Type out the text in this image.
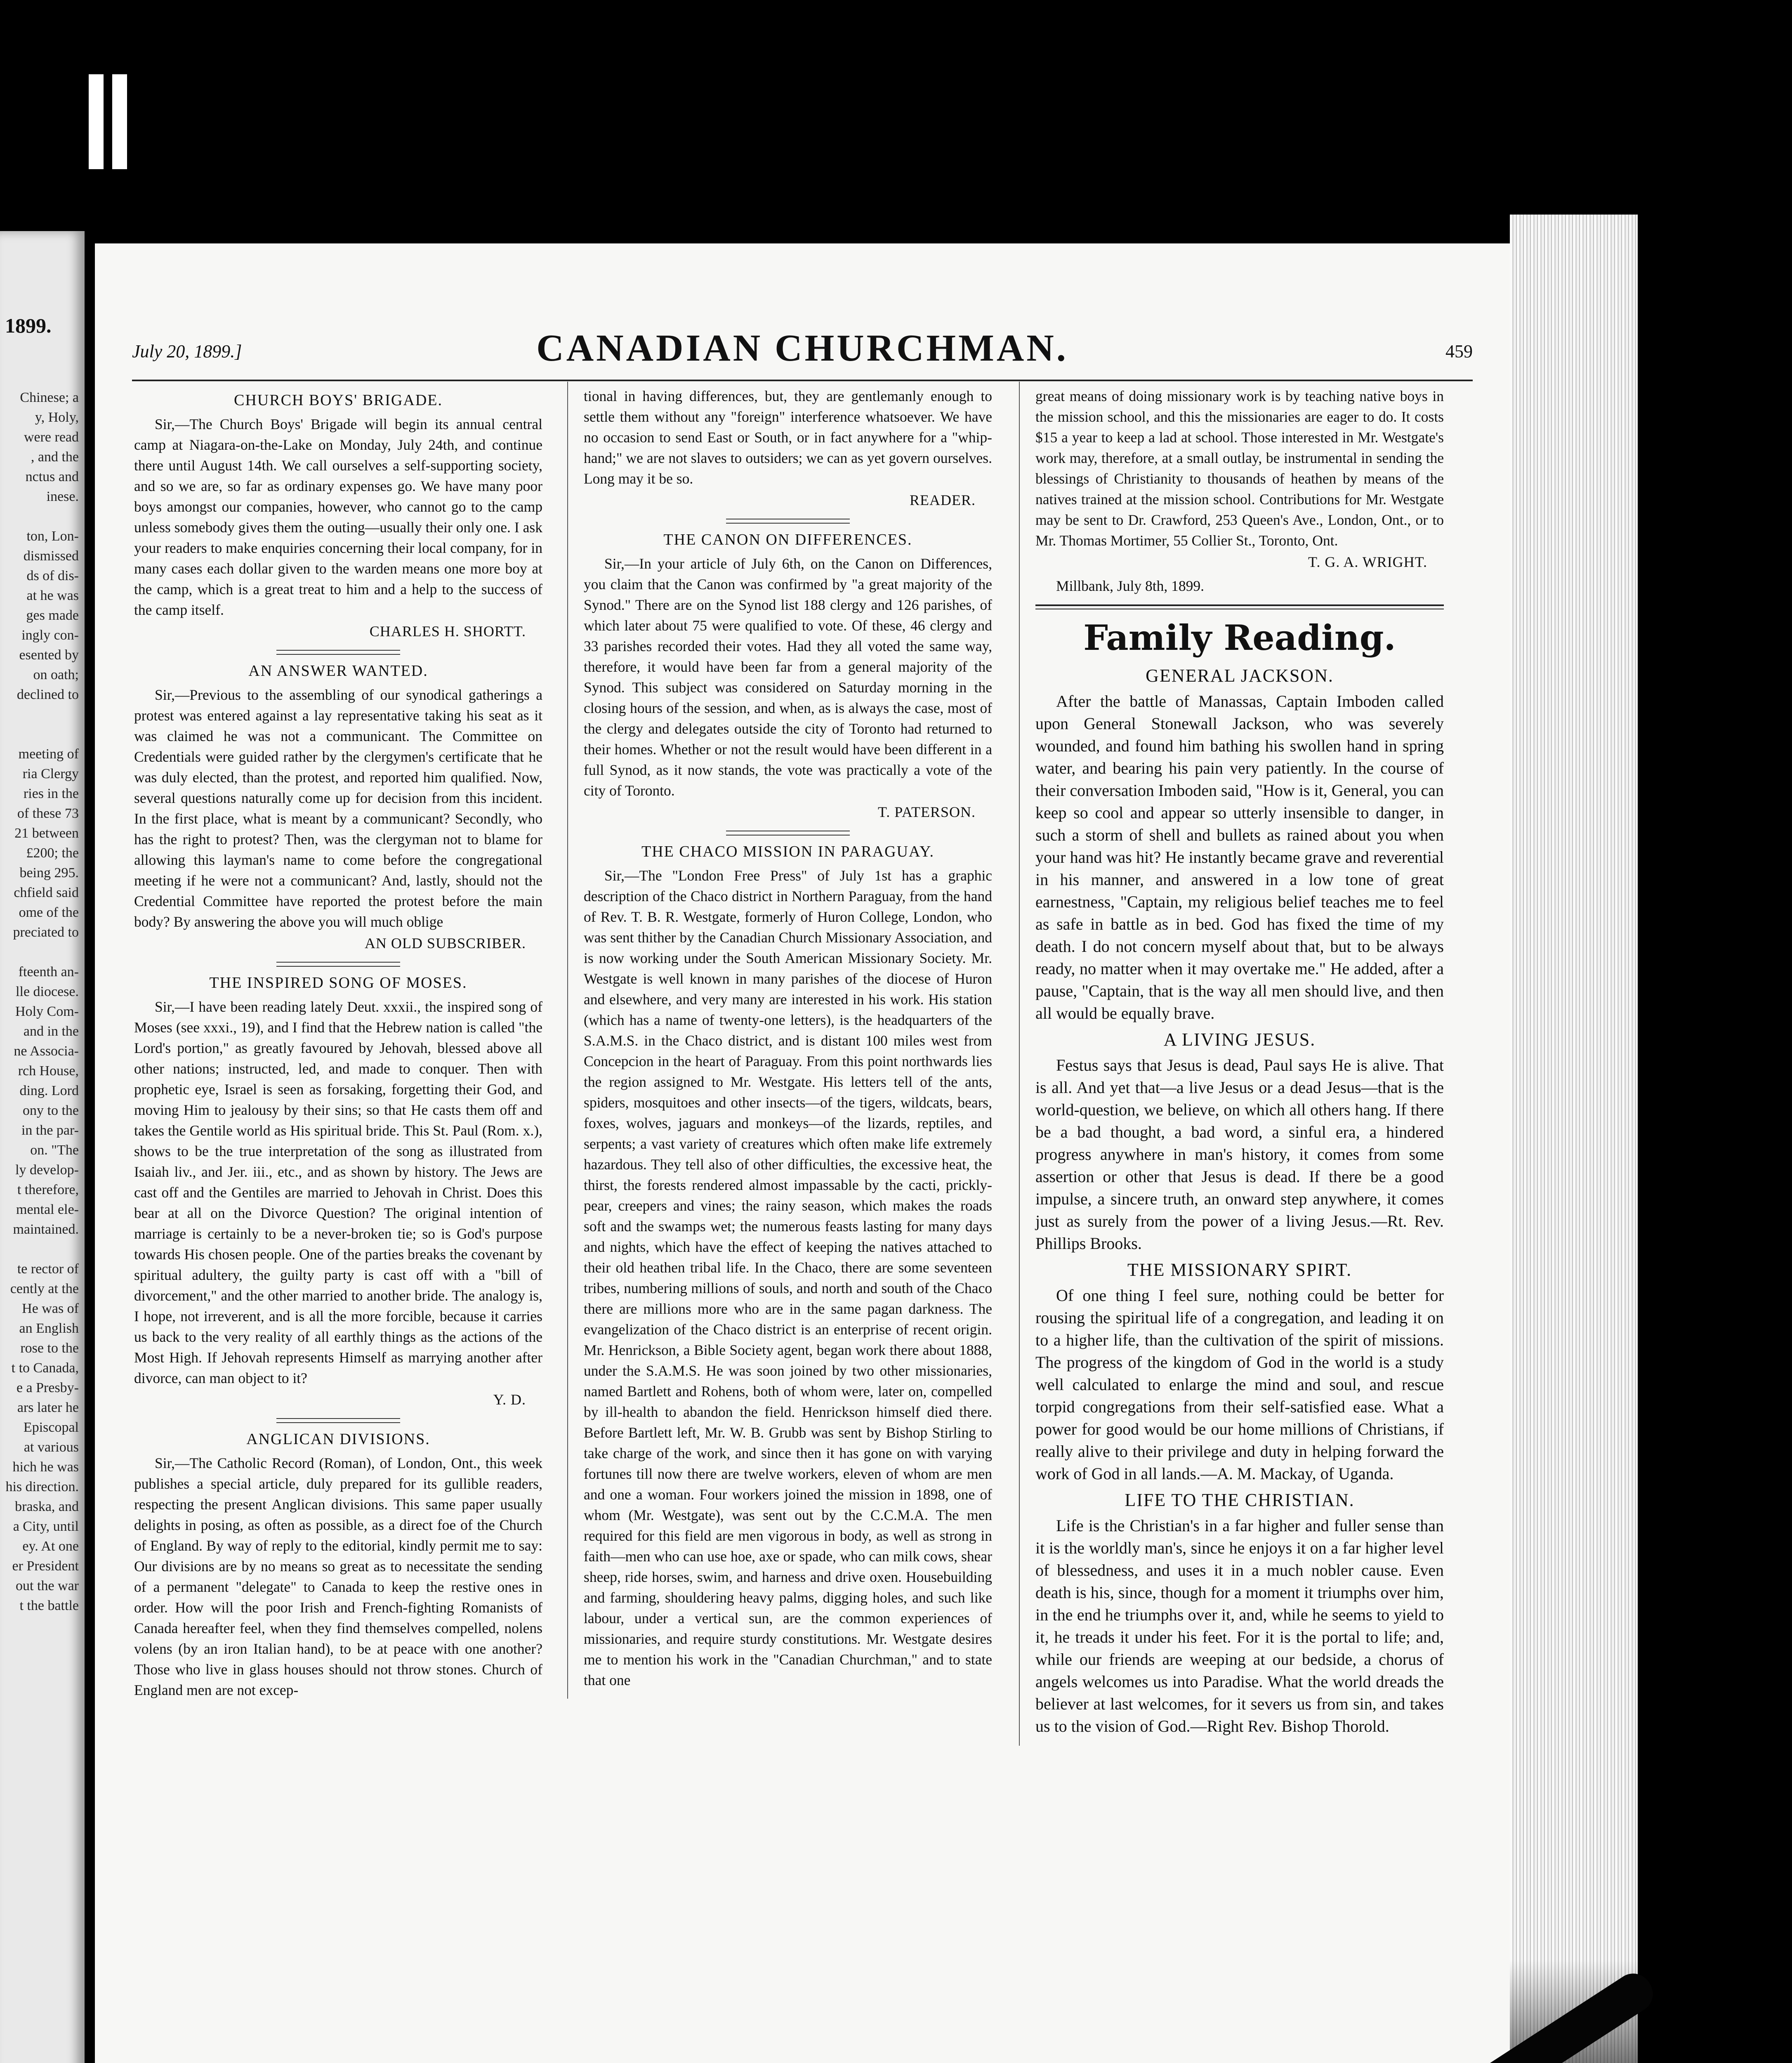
1899.
Chinese; a
y, Holy,
were read
, and the
nctus and
inese.

ton, Lon-
dismissed
ds of dis-
at he was
ges made
ingly con-
esented by
on oath;
declined to

meeting of
ria Clergy
ries in the
of these 73
21 between
£200; the
being 295.
chfield said
ome of the
preciated to

fteenth an-
lle diocese.
Holy Com-
and in the
ne Associa-
rch House,
ding. Lord
ony to the
in the par-
on. "The
ly develop-
t therefore,
mental ele-
maintained.

te rector of
cently at the
He was of
an English
rose to the
t to Canada,
e a Presby-
ars later he
Episcopal
at various
hich he was
his direction.
braska, and
a City, until
ey. At one
er President
out the war
t the battle
July 20, 1899.]	CANADIAN CHURCHMAN.	459
CHURCH BOYS' BRIGADE.

Sir,—The Church Boys' Brigade will begin its annual central camp at Niagara-on-the-Lake on Monday, July 24th, and continue there until August 14th. We call ourselves a self-supporting society, and so we are, so far as ordinary expenses go. We have many poor boys amongst our companies, however, who cannot go to the camp unless somebody gives them the outing—usually their only one. I ask your readers to make enquiries concerning their local company, for in many cases each dollar given to the warden means one more boy at the camp, which is a great treat to him and a help to the success of the camp itself.

CHARLES H. SHORTT.
AN ANSWER WANTED.

Sir,—Previous to the assembling of our synodical gatherings a protest was entered against a lay representative taking his seat as it was claimed he was not a communicant. The Committee on Credentials were guided rather by the clergymen's certificate that he was duly elected, than the protest, and reported him qualified. Now, several questions naturally come up for decision from this incident. In the first place, what is meant by a communicant? Secondly, who has the right to protest? Then, was the clergyman not to blame for allowing this layman's name to come before the congregational meeting if he were not a communicant? And, lastly, should not the Credential Committee have reported the protest before the main body? By answering the above you will much oblige

AN OLD SUBSCRIBER.
THE INSPIRED SONG OF MOSES.

Sir,—I have been reading lately Deut. xxxii., the inspired song of Moses (see xxxi., 19), and I find that the Hebrew nation is called "the Lord's portion," as greatly favoured by Jehovah, blessed above all other nations; instructed, led, and made to conquer. Then with prophetic eye, Israel is seen as forsaking, forgetting their God, and moving Him to jealousy by their sins; so that He casts them off and takes the Gentile world as His spiritual bride. This St. Paul (Rom. x.), shows to be the true interpretation of the song as illustrated from Isaiah liv., and Jer. iii., etc., and as shown by history. The Jews are cast off and the Gentiles are married to Jehovah in Christ. Does this bear at all on the Divorce Question? The original intention of marriage is certainly to be a never-broken tie; so is God's purpose towards His chosen people. One of the parties breaks the covenant by spiritual adultery, the guilty party is cast off with a "bill of divorcement," and the other married to another bride. The analogy is, I hope, not irreverent, and is all the more forcible, because it carries us back to the very reality of all earthly things as the actions of the Most High. If Jehovah represents Himself as marrying another after divorce, can man object to it?

Y. D.
ANGLICAN DIVISIONS.

Sir,—The Catholic Record (Roman), of London, Ont., this week publishes a special article, duly prepared for its gullible readers, respecting the present Anglican divisions. This same paper usually delights in posing, as often as possible, as a direct foe of the Church of England. By way of reply to the editorial, kindly permit me to say: Our divisions are by no means so great as to necessitate the sending of a permanent "delegate" to Canada to keep the restive ones in order. How will the poor Irish and French-fighting Romanists of Canada hereafter feel, when they find themselves compelled, nolens volens (by an iron Italian hand), to be at peace with one another? Those who live in glass houses should not throw stones. Church of England men are not excep-

tional in having differences, but, they are gentlemanly enough to settle them without any "foreign" interference whatsoever. We have no occasion to send East or South, or in fact anywhere for a "whip-hand;" we are not slaves to outsiders; we can as yet govern ourselves. Long may it be so.

READER.
THE CANON ON DIFFERENCES.

Sir,—In your article of July 6th, on the Canon on Differences, you claim that the Canon was confirmed by "a great majority of the Synod." There are on the Synod list 188 clergy and 126 parishes, of which later about 75 were qualified to vote. Of these, 46 clergy and 33 parishes recorded their votes. Had they all voted the same way, therefore, it would have been far from a general majority of the Synod. This subject was considered on Saturday morning in the closing hours of the session, and when, as is always the case, most of the clergy and delegates outside the city of Toronto had returned to their homes. Whether or not the result would have been different in a full Synod, as it now stands, the vote was practically a vote of the city of Toronto.

T. PATERSON.
THE CHACO MISSION IN PARAGUAY.

Sir,—The "London Free Press" of July 1st has a graphic description of the Chaco district in Northern Paraguay, from the hand of Rev. T. B. R. Westgate, formerly of Huron College, London, who was sent thither by the Canadian Church Missionary Association, and is now working under the South American Missionary Society. Mr. Westgate is well known in many parishes of the diocese of Huron and elsewhere, and very many are interested in his work. His station (which has a name of twenty-one letters), is the headquarters of the S.A.M.S. in the Chaco district, and is distant 100 miles west from Concepcion in the heart of Paraguay. From this point northwards lies the region assigned to Mr. Westgate. His letters tell of the ants, spiders, mosquitoes and other insects—of the tigers, wildcats, bears, foxes, wolves, jaguars and monkeys—of the lizards, reptiles, and serpents; a vast variety of creatures which often make life extremely hazardous. They tell also of other difficulties, the excessive heat, the thirst, the forests rendered almost impassable by the cacti, prickly-pear, creepers and vines; the rainy season, which makes the roads soft and the swamps wet; the numerous feasts lasting for many days and nights, which have the effect of keeping the natives attached to their old heathen tribal life. In the Chaco, there are some seventeen tribes, numbering millions of souls, and north and south of the Chaco there are millions more who are in the same pagan darkness. The evangelization of the Chaco district is an enterprise of recent origin. Mr. Henrickson, a Bible Society agent, began work there about 1888, under the S.A.M.S. He was soon joined by two other missionaries, named Bartlett and Rohens, both of whom were, later on, compelled by ill-health to abandon the field. Henrickson himself died there. Before Bartlett left, Mr. W. B. Grubb was sent by Bishop Stirling to take charge of the work, and since then it has gone on with varying fortunes till now there are twelve workers, eleven of whom are men and one a woman. Four workers joined the mission in 1898, one of whom (Mr. Westgate), was sent out by the C.C.M.A. The men required for this field are men vigorous in body, as well as strong in faith—men who can use hoe, axe or spade, who can milk cows, shear sheep, ride horses, swim, and harness and drive oxen. Housebuilding and farming, shouldering heavy palms, digging holes, and such like labour, under a vertical sun, are the common experiences of missionaries, and require sturdy constitutions. Mr. Westgate desires me to mention his work in the "Canadian Churchman," and to state that one

great means of doing missionary work is by teaching native boys in the mission school, and this the missionaries are eager to do. It costs $15 a year to keep a lad at school. Those interested in Mr. Westgate's work may, therefore, at a small outlay, be instrumental in sending the blessings of Christianity to thousands of heathen by means of the natives trained at the mission school. Contributions for Mr. Westgate may be sent to Dr. Crawford, 253 Queen's Ave., London, Ont., or to Mr. Thomas Mortimer, 55 Collier St., Toronto, Ont.

T. G. A. WRIGHT.
Millbank, July 8th, 1899.
Family Reading.
GENERAL JACKSON.

After the battle of Manassas, Captain Imboden called upon General Stonewall Jackson, who was severely wounded, and found him bathing his swollen hand in spring water, and bearing his pain very patiently. In the course of their conversation Imboden said, "How is it, General, you can keep so cool and appear so utterly insensible to danger, in such a storm of shell and bullets as rained about you when your hand was hit? He instantly became grave and reverential in his manner, and answered in a low tone of great earnestness, "Captain, my religious belief teaches me to feel as safe in battle as in bed. God has fixed the time of my death. I do not concern myself about that, but to be always ready, no matter when it may overtake me." He added, after a pause, "Captain, that is the way all men should live, and then all would be equally brave.

A LIVING JESUS.

Festus says that Jesus is dead, Paul says He is alive. That is all. And yet that—a live Jesus or a dead Jesus—that is the world-question, we believe, on which all others hang. If there be a bad thought, a bad word, a sinful era, a hindered progress anywhere in man's history, it comes from some assertion or other that Jesus is dead. If there be a good impulse, a sincere truth, an onward step anywhere, it comes just as surely from the power of a living Jesus.—Rt. Rev. Phillips Brooks.

THE MISSIONARY SPIRT.

Of one thing I feel sure, nothing could be better for rousing the spiritual life of a congregation, and leading it on to a higher life, than the cultivation of the spirit of missions. The progress of the kingdom of God in the world is a study well calculated to enlarge the mind and soul, and rescue torpid congregations from their self-satisfied ease. What a power for good would be our home millions of Christians, if really alive to their privilege and duty in helping forward the work of God in all lands.—A. M. Mackay, of Uganda.

LIFE TO THE CHRISTIAN.

Life is the Christian's in a far higher and fuller sense than it is the worldly man's, since he enjoys it on a far higher level of blessedness, and uses it in a much nobler cause. Even death is his, since, though for a moment it triumphs over him, in the end he triumphs over it, and, while he seems to yield to it, he treads it under his feet. For it is the portal to life; and, while our friends are weeping at our bedside, a chorus of angels welcomes us into Paradise. What the world dreads the believer at last welcomes, for it severs us from sin, and takes us to the vision of God.—Right Rev. Bishop Thorold.
